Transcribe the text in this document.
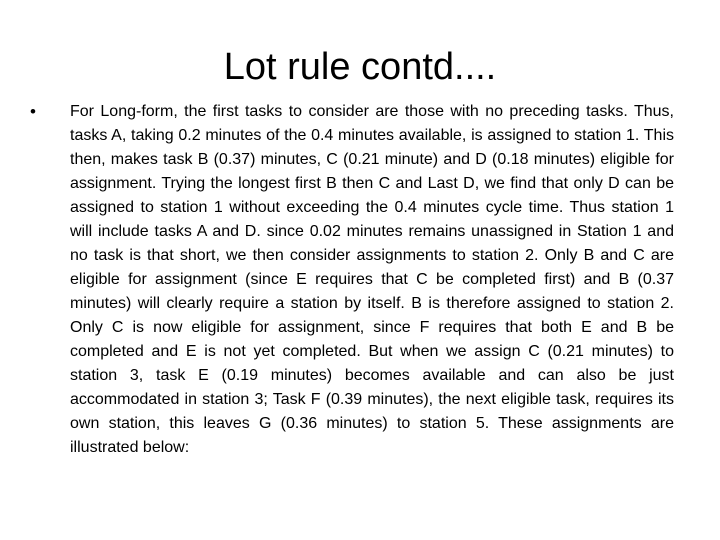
Lot rule contd....
• For Long-form, the first tasks to consider are those with no preceding tasks. Thus, tasks A, taking 0.2 minutes of the 0.4 minutes available, is assigned to station 1. This then, makes task B (0.37) minutes, C (0.21 minute) and D (0.18 minutes) eligible for assignment. Trying the longest first B then C and Last D, we find that only D can be assigned to station 1 without exceeding the 0.4 minutes cycle time. Thus station 1 will include tasks A and D. since 0.02 minutes remains unassigned in Station 1 and no task is that short, we then consider assignments to station 2. Only B and C are eligible for assignment (since E requires that C be completed first) and B (0.37 minutes) will clearly require a station by itself. B is therefore assigned to station 2. Only C is now eligible for assignment, since F requires that both E and B be completed and E is not yet completed. But when we assign C (0.21 minutes) to station 3, task E (0.19 minutes) becomes available and can also be just accommodated in station 3; Task F (0.39 minutes), the next eligible task, requires its own station, this leaves G (0.36 minutes) to station 5. These assignments are illustrated below:
